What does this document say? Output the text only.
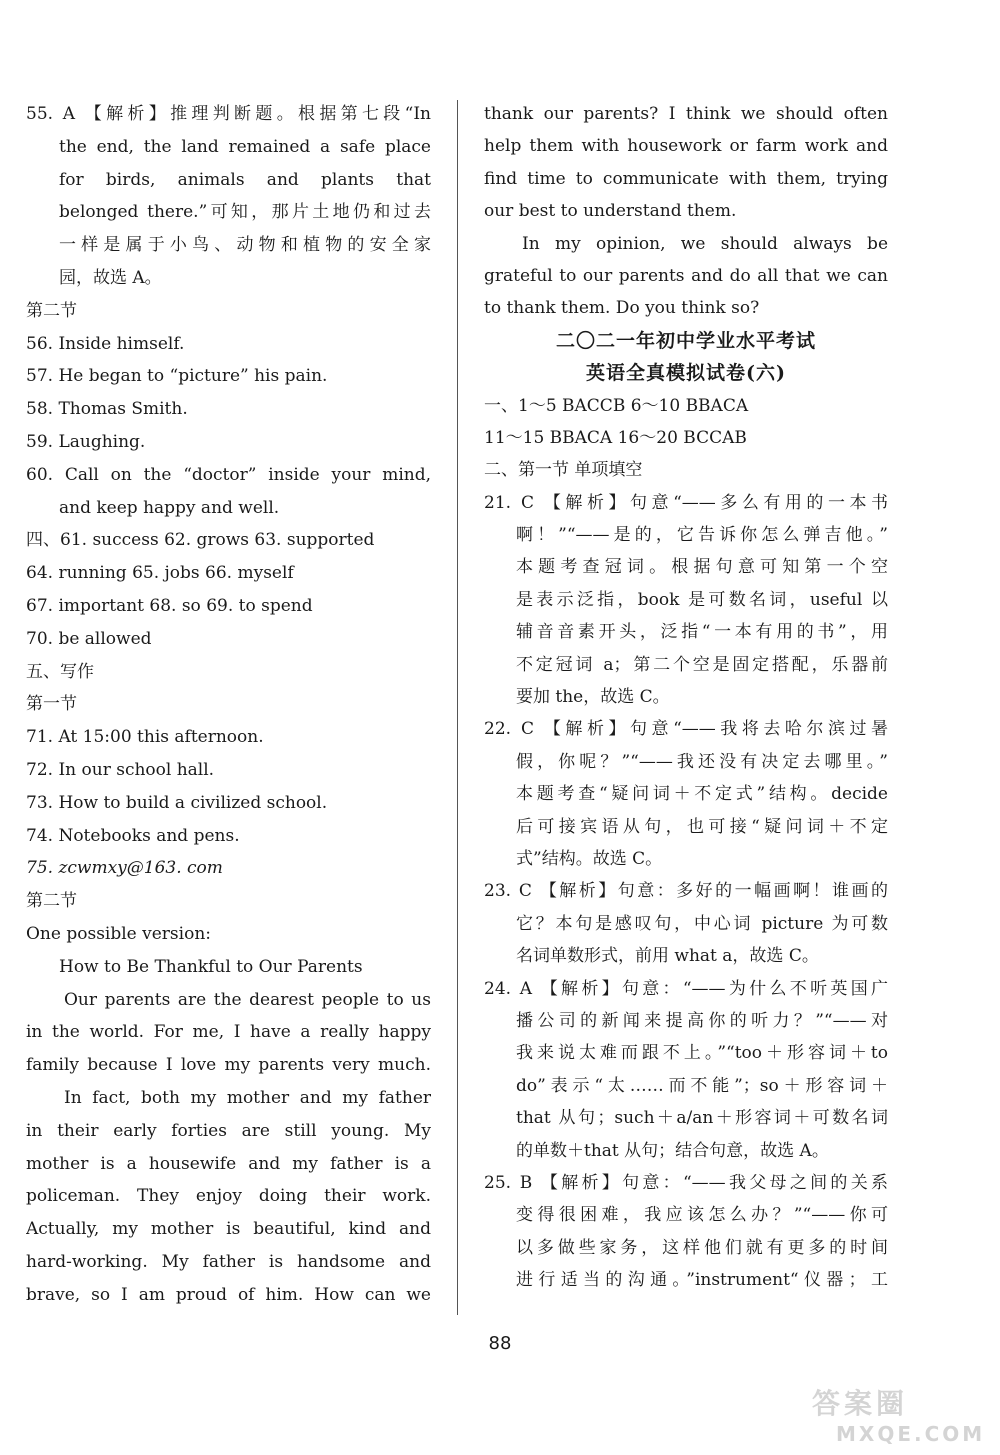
55. A 【解析】推理判断题。根据第七段“In
the end, the land remained a safe place
for birds, animals and plants that
belonged there.”可知，那片土地仍和过去
一样是属于小鸟、动物和植物的安全家
园，故选 A。
第二节
56. Inside himself.
57. He began to “picture” his pain.
58. Thomas Smith.
59. Laughing.
60. Call on the “doctor” inside your mind,
and keep happy and well.
四、61. success 62. grows 63. supported
64. running 65. jobs 66. myself
67. important 68. so 69. to spend
70. be allowed
五、写作
第一节
71. At 15:00 this afternoon.
72. In our school hall.
73. How to build a civilized school.
74. Notebooks and pens.
75. zcwmxy@163. com
第二节
One possible version:
How to Be Thankful to Our Parents
Our parents are the dearest people to us
in the world. For me, I have a really happy
family because I love my parents very much.
In fact, both my mother and my father
in their early forties are still young. My
mother is a housewife and my father is a
policeman. They enjoy doing their work.
Actually, my mother is beautiful, kind and
hard-working. My father is handsome and
brave, so I am proud of him. How can we
thank our parents? I think we should often
help them with housework or farm work and
find time to communicate with them, trying
our best to understand them.
In my opinion, we should always be
grateful to our parents and do all that we can
to thank them. Do you think so?
二〇二一年初中学业水平考试
英语全真模拟试卷(六)
一、1～5 BACCB 6～10 BBACA
11～15 BBACA 16～20 BCCAB
二、第一节 单项填空
21. C 【解析】句意“——多么有用的一本书
啊！”“——是的，它告诉你怎么弹吉他。”
本题考查冠词。根据句意可知第一个空
是表示泛指，book 是可数名词，useful 以
辅音音素开头，泛指“一本有用的书”，用
不定冠词 a；第二个空是固定搭配，乐器前
要加 the，故选 C。
22. C 【解析】句意“——我将去哈尔滨过暑
假，你呢？”“——我还没有决定去哪里。”
本题考查“疑问词＋不定式”结构。decide
后可接宾语从句，也可接“疑问词＋不定
式”结构。故选 C。
23. C 【解析】句意：多好的一幅画啊！谁画的
它？本句是感叹句，中心词 picture 为可数
名词单数形式，前用 what a，故选 C。
24. A 【解析】句意：“——为什么不听英国广
播公司的新闻来提高你的听力？”“——对
我来说太难而跟不上。”“too＋形容词＋to
do”表示“太……而不能”；so＋形容词＋
that 从句；such＋a/an＋形容词＋可数名词
的单数＋that 从句；结合句意，故选 A。
25. B 【解析】句意：“——我父母之间的关系
变得很困难，我应该怎么办？”“——你可
以多做些家务，这样他们就有更多的时间
进行适当的沟通。”instrument“仪器；工
88
答案圈
MXQE.COM
